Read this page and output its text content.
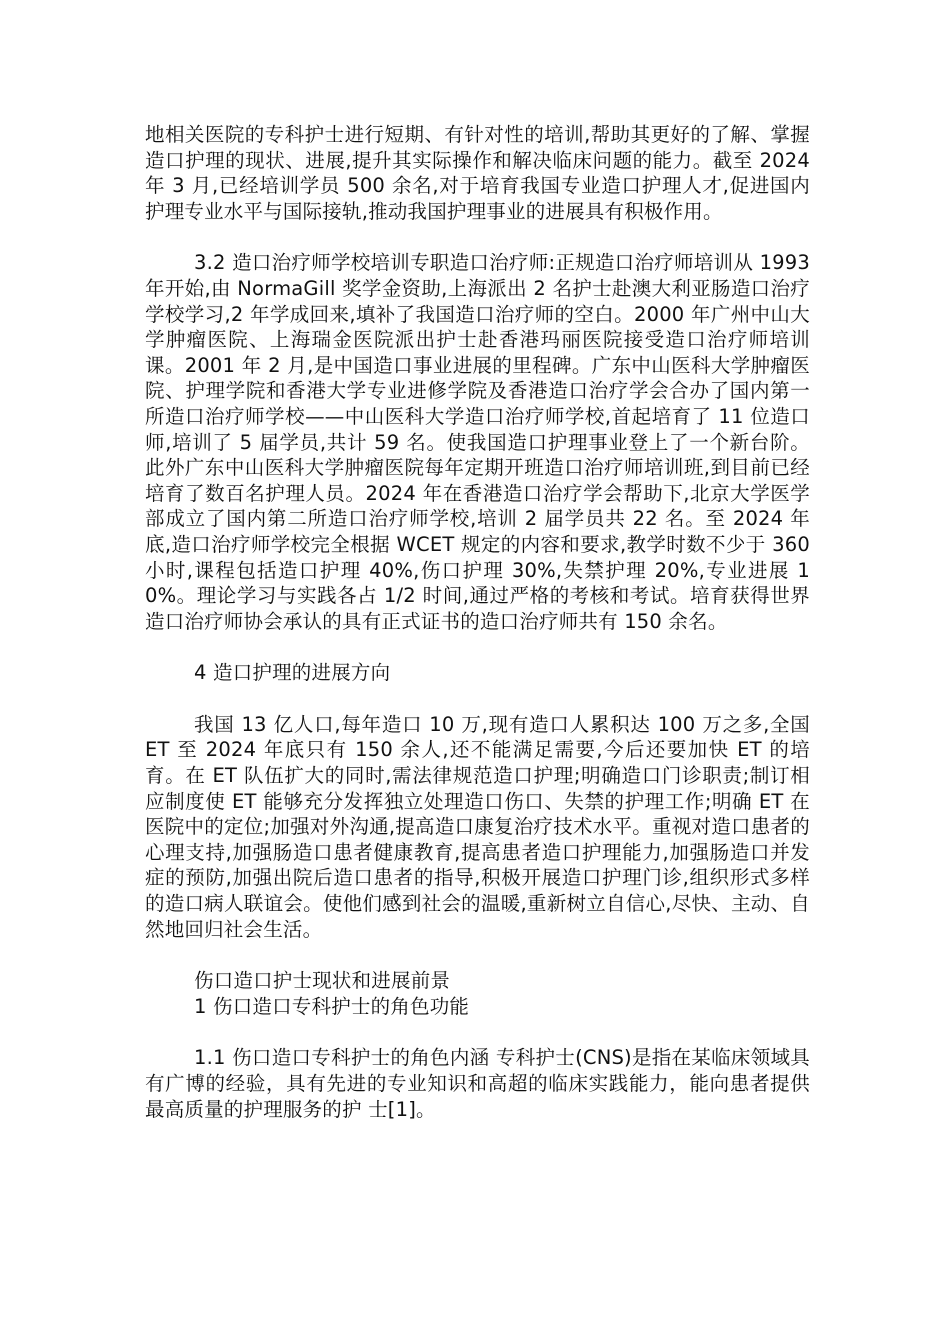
地相关医院的专科护士进行短期、有针对性的培训,帮助其更好的了解、掌握造口护理的现状、进展,提升其实际操作和解决临床问题的能力。截至 2024 年 3 月,已经培训学员 500 余名,对于培育我国专业造口护理人才,促进国内护理专业水平与国际接轨,推动我国护理事业的进展具有积极作用。

3.2 造口治疗师学校培训专职造口治疗师:正规造口治疗师培训从 1993 年开始,由 NormaGill 奖学金资助,上海派出 2 名护士赴澳大利亚肠造口治疗学校学习,2 年学成回来,填补了我国造口治疗师的空白。2000 年广州中山大学肿瘤医院、上海瑞金医院派出护士赴香港玛丽医院接受造口治疗师培训课。2001 年 2 月,是中国造口事业进展的里程碑。广东中山医科大学肿瘤医院、护理学院和香港大学专业进修学院及香港造口治疗学会合办了国内第一所造口治疗师学校——中山医科大学造口治疗师学校,首起培育了 11 位造口师,培训了 5 届学员,共计 59 名。使我国造口护理事业登上了一个新台阶。此外广东中山医科大学肿瘤医院每年定期开班造口治疗师培训班,到目前已经培育了数百名护理人员。2024 年在香港造口治疗学会帮助下,北京大学医学部成立了国内第二所造口治疗师学校,培训 2 届学员共 22 名。至 2024 年底,造口治疗师学校完全根据 WCET 规定的内容和要求,教学时数不少于 360 小时,课程包括造口护理 40%,伤口护理 30%,失禁护理 20%,专业进展 10%。理论学习与实践各占 1/2 时间,通过严格的考核和考试。培育获得世界造口治疗师协会承认的具有正式证书的造口治疗师共有 150 余名。

4 造口护理的进展方向

我国 13 亿人口,每年造口 10 万,现有造口人累积达 100 万之多,全国 ET 至 2024 年底只有 150 余人,还不能满足需要,今后还要加快 ET 的培育。在 ET 队伍扩大的同时,需法律规范造口护理;明确造口门诊职责;制订相应制度使 ET 能够充分发挥独立处理造口伤口、失禁的护理工作;明确 ET 在医院中的定位;加强对外沟通,提高造口康复治疗技术水平。重视对造口患者的心理支持,加强肠造口患者健康教育,提高患者造口护理能力,加强肠造口并发症的预防,加强出院后造口患者的指导,积极开展造口护理门诊,组织形式多样的造口病人联谊会。使他们感到社会的温暖,重新树立自信心,尽快、主动、自然地回归社会生活。

伤口造口护士现状和进展前景

1 伤口造口专科护士的角色功能

1.1 伤口造口专科护士的角色内涵 专科护士(CNS)是指在某临床领域具有广博的经验，具有先进的专业知识和高超的临床实践能力，能向患者提供最高质量的护理服务的护 士[1]。
